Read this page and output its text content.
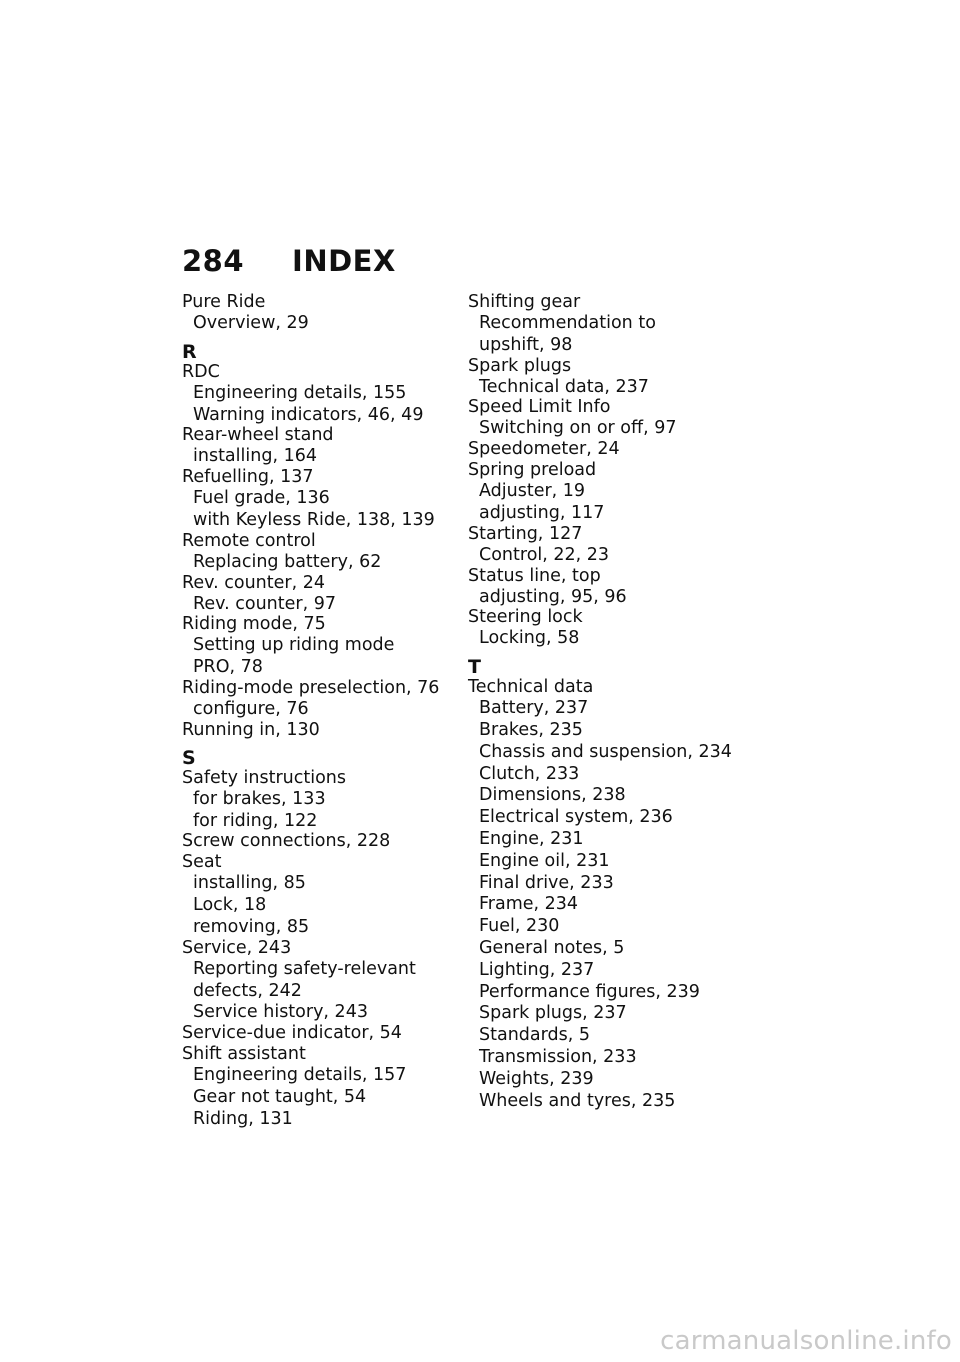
284 INDEX
Pure Ride
Overview, 29
R
RDC
Engineering details, 155
Warning indicators, 46, 49
Rear-wheel stand
installing, 164
Refuelling, 137
Fuel grade, 136
with Keyless Ride, 138, 139
Remote control
Replacing battery, 62
Rev. counter, 24
Rev. counter, 97
Riding mode, 75
Setting up riding mode
PRO, 78
Riding-mode preselection, 76
configure, 76
Running in, 130
S
Safety instructions
for brakes, 133
for riding, 122
Screw connections, 228
Seat
installing, 85
Lock, 18
removing, 85
Service, 243
Reporting safety-relevant
defects, 242
Service history, 243
Service-due indicator, 54
Shift assistant
Engineering details, 157
Gear not taught, 54
Riding, 131
Shifting gear
Recommendation to
upshift, 98
Spark plugs
Technical data, 237
Speed Limit Info
Switching on or off, 97
Speedometer, 24
Spring preload
Adjuster, 19
adjusting, 117
Starting, 127
Control, 22, 23
Status line, top
adjusting, 95, 96
Steering lock
Locking, 58
T
Technical data
Battery, 237
Brakes, 235
Chassis and suspension, 234
Clutch, 233
Dimensions, 238
Electrical system, 236
Engine, 231
Engine oil, 231
Final drive, 233
Frame, 234
Fuel, 230
General notes, 5
Lighting, 237
Performance figures, 239
Spark plugs, 237
Standards, 5
Transmission, 233
Weights, 239
Wheels and tyres, 235
carmanualsonline.info
